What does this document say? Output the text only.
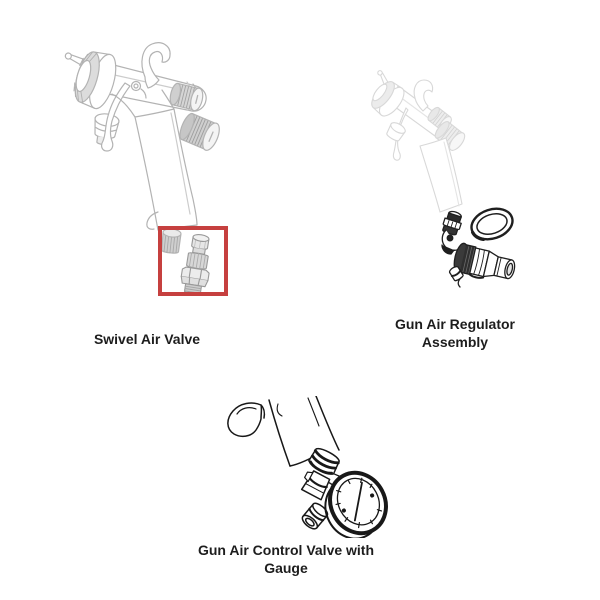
Swivel Air Valve
Gun Air Regulator
Assembly
Gun Air Control Valve with
Gauge
